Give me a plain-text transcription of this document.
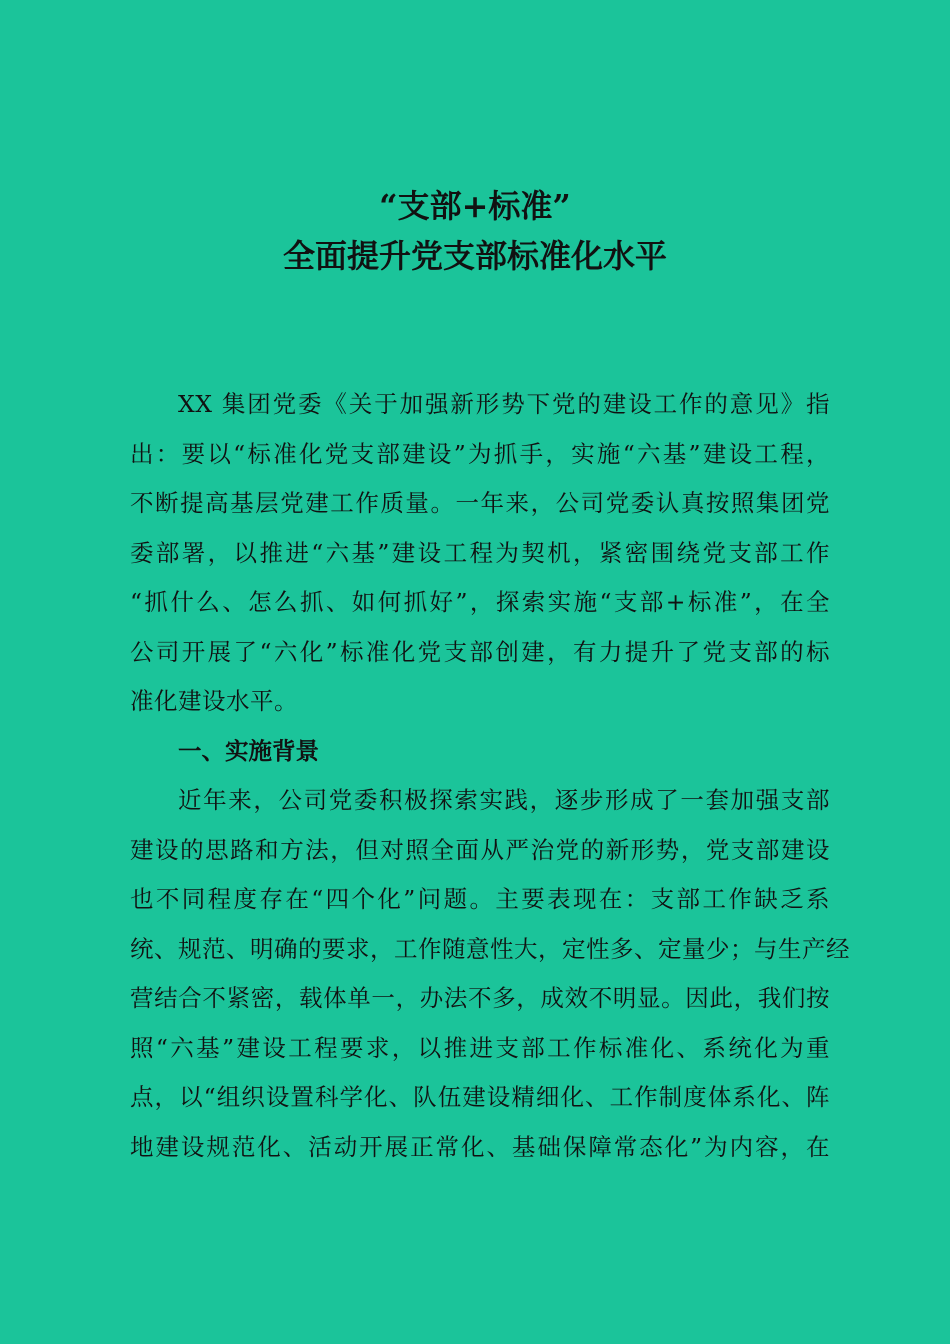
“支部+标准”
全面提升党支部标准化水平
XX 集团党委《关于加强新形势下党的建设工作的意见》指
出：要以“标准化党支部建设”为抓手，实施“六基”建设工程，
不断提高基层党建工作质量。一年来，公司党委认真按照集团党
委部署，以推进“六基”建设工程为契机，紧密围绕党支部工作
“抓什么、怎么抓、如何抓好”，探索实施“支部+标准”，在全
公司开展了“六化”标准化党支部创建，有力提升了党支部的标
准化建设水平。
一、实施背景
近年来，公司党委积极探索实践，逐步形成了一套加强支部
建设的思路和方法，但对照全面从严治党的新形势，党支部建设
也不同程度存在“四个化”问题。主要表现在：支部工作缺乏系
统、规范、明确的要求，工作随意性大，定性多、定量少；与生产经
营结合不紧密，载体单一，办法不多，成效不明显。因此，我们按
照“六基”建设工程要求，以推进支部工作标准化、系统化为重
点，以“组织设置科学化、队伍建设精细化、工作制度体系化、阵
地建设规范化、活动开展正常化、基础保障常态化”为内容，在
